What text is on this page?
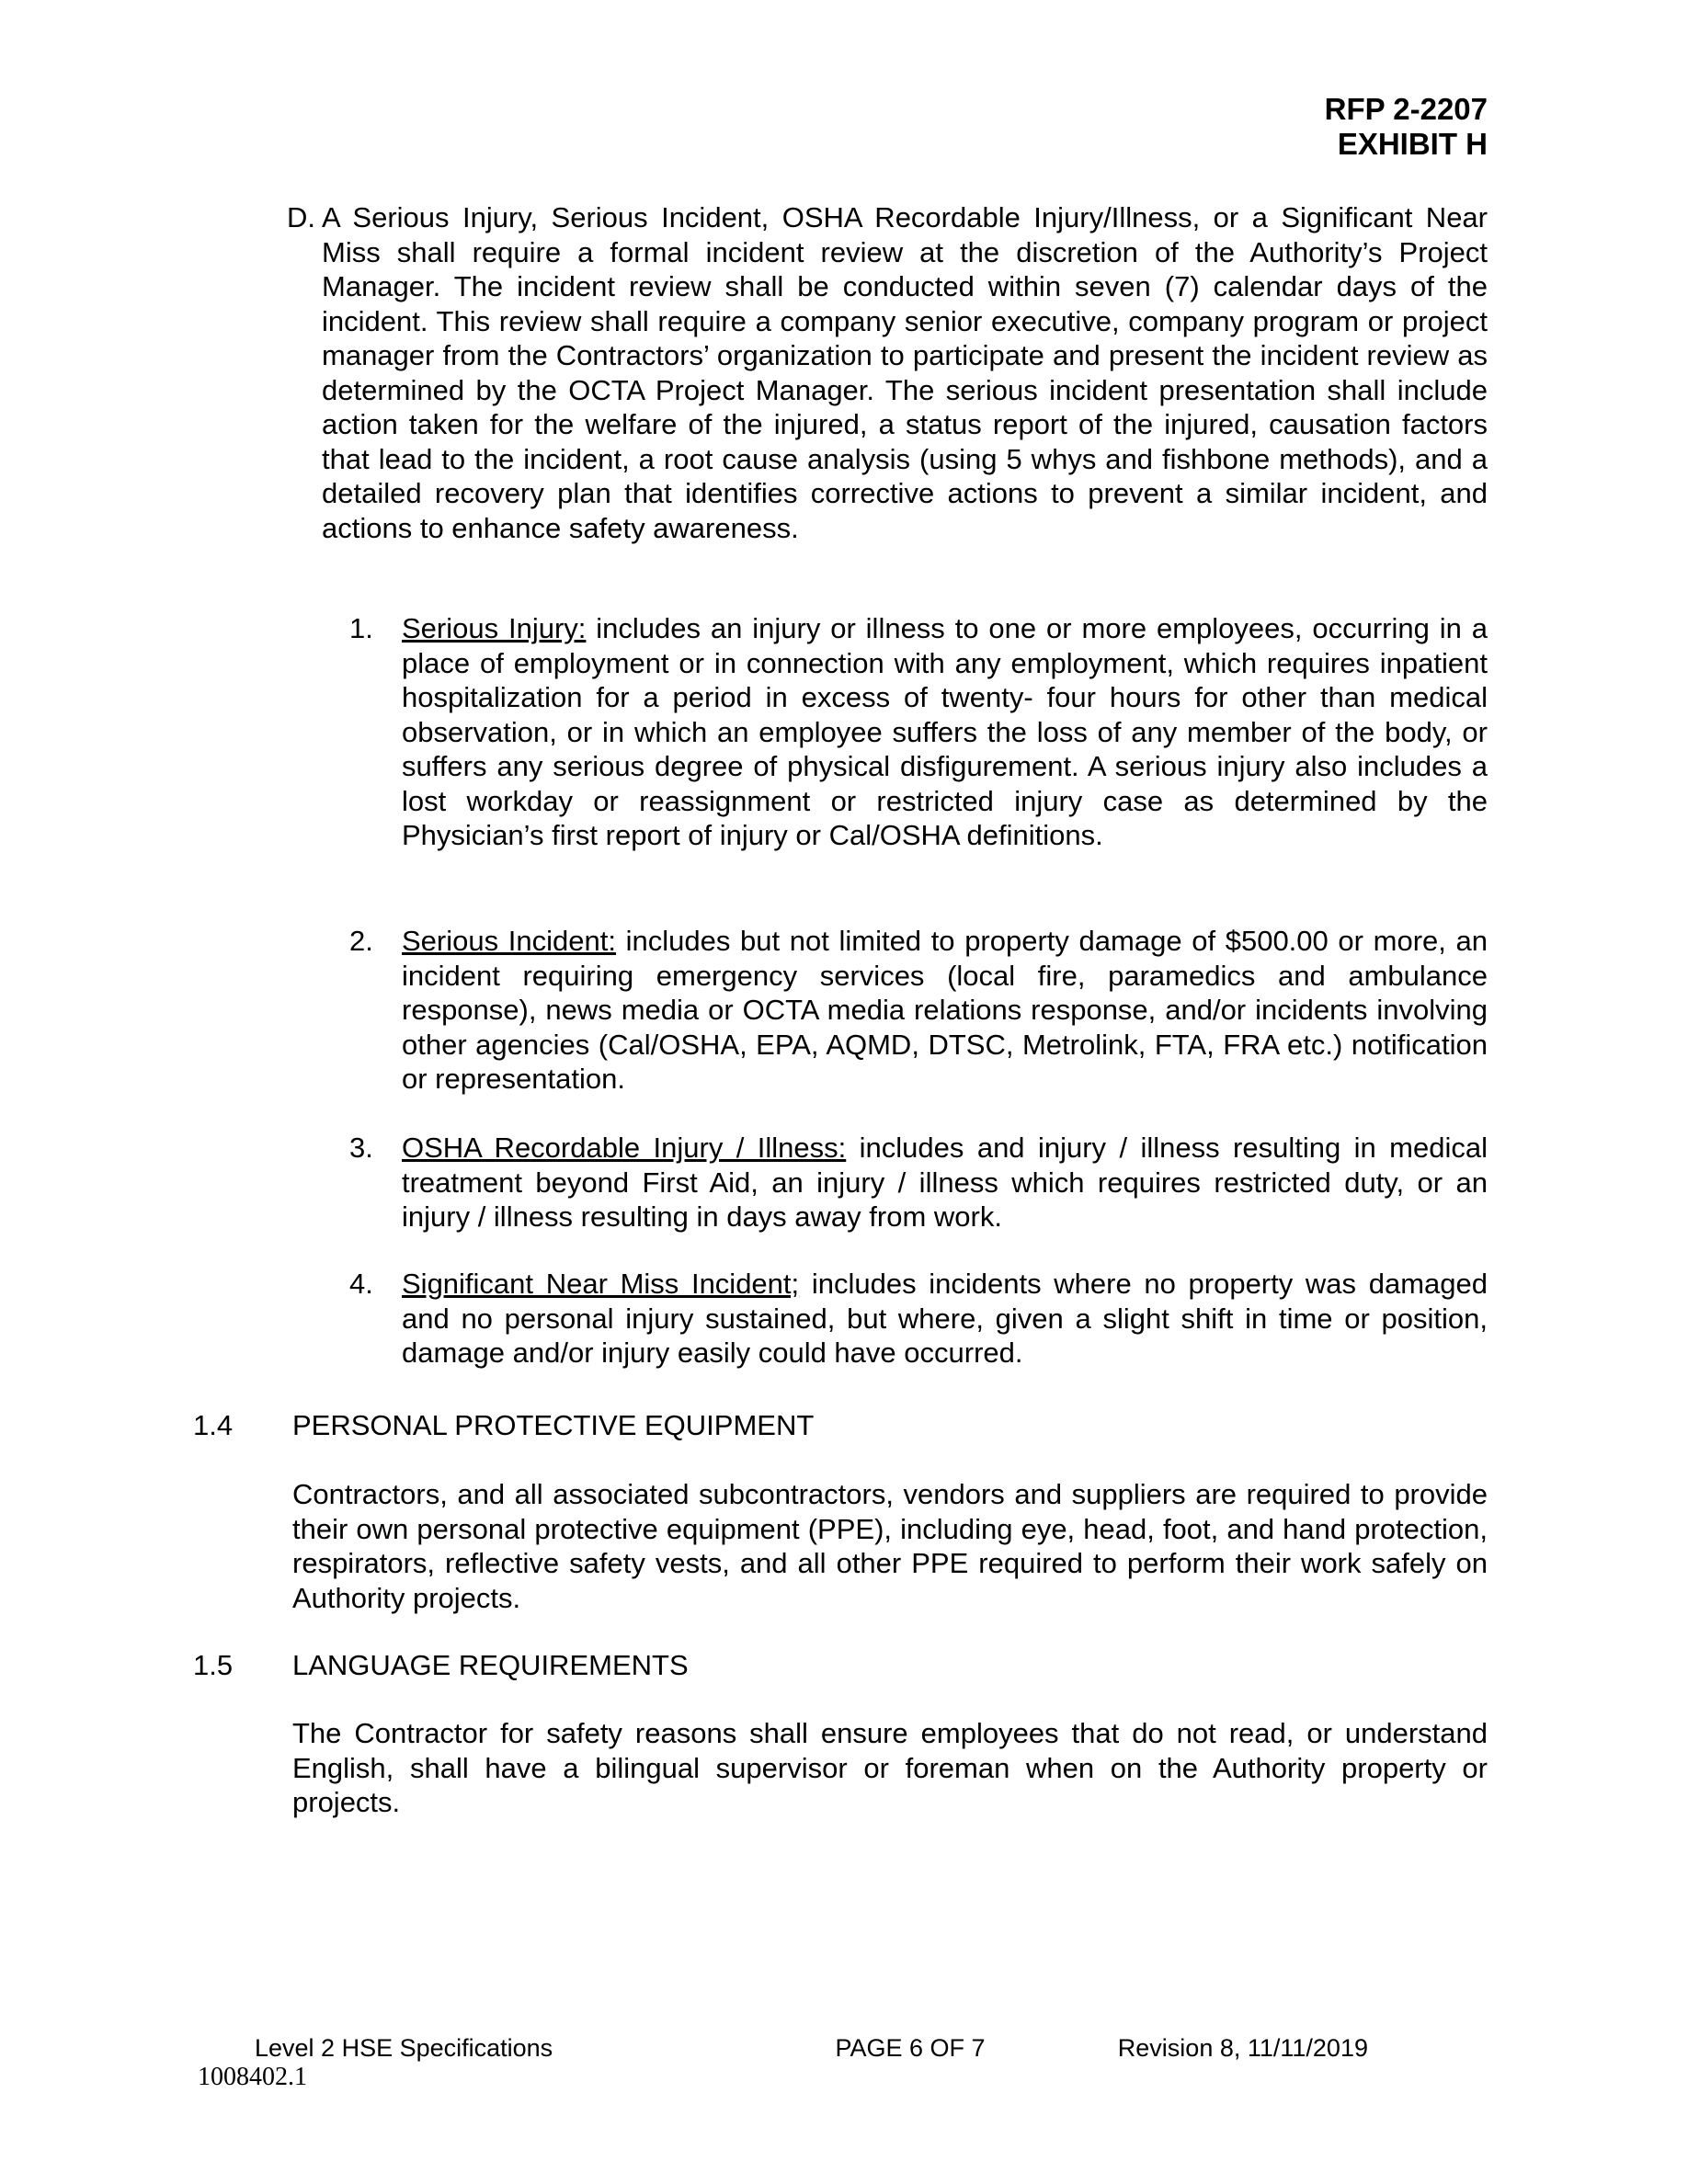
RFP 2-2207
EXHIBIT H
D. A Serious Injury, Serious Incident, OSHA Recordable Injury/Illness, or a Significant Near Miss shall require a formal incident review at the discretion of the Authority’s Project Manager. The incident review shall be conducted within seven (7) calendar days of the incident. This review shall require a company senior executive, company program or project manager from the Contractors’ organization to participate and present the incident review as determined by the OCTA Project Manager. The serious incident presentation shall include action taken for the welfare of the injured, a status report of the injured, causation factors that lead to the incident, a root cause analysis (using 5 whys and fishbone methods), and a detailed recovery plan that identifies corrective actions to prevent a similar incident, and actions to enhance safety awareness.
1. Serious Injury: includes an injury or illness to one or more employees, occurring in a place of employment or in connection with any employment, which requires inpatient hospitalization for a period in excess of twenty- four hours for other than medical observation, or in which an employee suffers the loss of any member of the body, or suffers any serious degree of physical disfigurement. A serious injury also includes a lost workday or reassignment or restricted injury case as determined by the Physician’s first report of injury or Cal/OSHA definitions.
2. Serious Incident: includes but not limited to property damage of $500.00 or more, an incident requiring emergency services (local fire, paramedics and ambulance response), news media or OCTA media relations response, and/or incidents involving other agencies (Cal/OSHA, EPA, AQMD, DTSC, Metrolink, FTA, FRA etc.) notification or representation.
3. OSHA Recordable Injury / Illness: includes and injury / illness resulting in medical treatment beyond First Aid, an injury / illness which requires restricted duty, or an injury / illness resulting in days away from work.
4. Significant Near Miss Incident; includes incidents where no property was damaged and no personal injury sustained, but where, given a slight shift in time or position, damage and/or injury easily could have occurred.
1.4 PERSONAL PROTECTIVE EQUIPMENT
Contractors, and all associated subcontractors, vendors and suppliers are required to provide their own personal protective equipment (PPE), including eye, head, foot, and hand protection, respirators, reflective safety vests, and all other PPE required to perform their work safely on Authority projects.
1.5 LANGUAGE REQUIREMENTS
The Contractor for safety reasons shall ensure employees that do not read, or understand English, shall have a bilingual supervisor or foreman when on the Authority property or projects.
Level 2 HSE Specifications	PAGE 6 OF 7	Revision 8, 11/11/2019
1008402.1
